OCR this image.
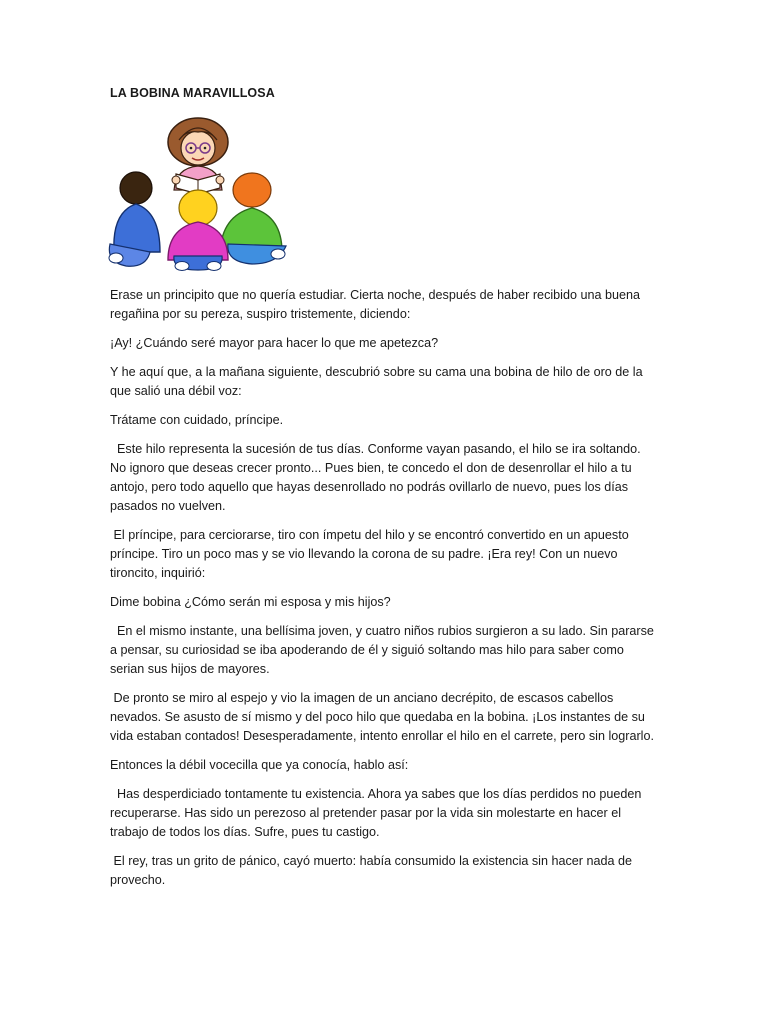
LA BOBINA MARAVILLOSA

Erase un principito que no quería estudiar. Cierta noche, después de haber recibido una buena regañina por su pereza, suspiro tristemente, diciendo:

¡Ay! ¿Cuándo seré mayor para hacer lo que me apetezca?

Y he aquí que, a la mañana siguiente, descubrió sobre su cama una bobina de hilo de oro de la que salió una débil voz:

Trátame con cuidado, príncipe.

Este hilo representa la sucesión de tus días. Conforme vayan pasando, el hilo se ira soltando. No ignoro que deseas crecer pronto... Pues bien, te concedo el don de desenrollar el hilo a tu antojo, pero todo aquello que hayas desenrollado no podrás ovillarlo de nuevo, pues los días pasados no vuelven.

El príncipe, para cerciorarse, tiro con ímpetu del hilo y se encontró convertido en un apuesto príncipe. Tiro un poco mas y se vio llevando la corona de su padre. ¡Era rey! Con un nuevo tironcito, inquirió:

Dime bobina ¿Cómo serán mi esposa y mis hijos?

En el mismo instante, una bellísima joven, y cuatro niños rubios surgieron a su lado. Sin pararse a pensar, su curiosidad se iba apoderando de él y siguió soltando mas hilo para saber como serian sus hijos de mayores.

De pronto se miro al espejo y vio la imagen de un anciano decrépito, de escasos cabellos nevados. Se asusto de sí mismo y del poco hilo que quedaba en la bobina. ¡Los instantes de su vida estaban contados! Desesperadamente, intento enrollar el hilo en el carrete, pero sin lograrlo.

Entonces la débil vocecilla que ya conocía, hablo así:

Has desperdiciado tontamente tu existencia. Ahora ya sabes que los días perdidos no pueden recuperarse. Has sido un perezoso al pretender pasar por la vida sin molestarte en hacer el trabajo de todos los días. Sufre, pues tu castigo.

El rey, tras un grito de pánico, cayó muerto: había consumido la existencia sin hacer nada de provecho.
